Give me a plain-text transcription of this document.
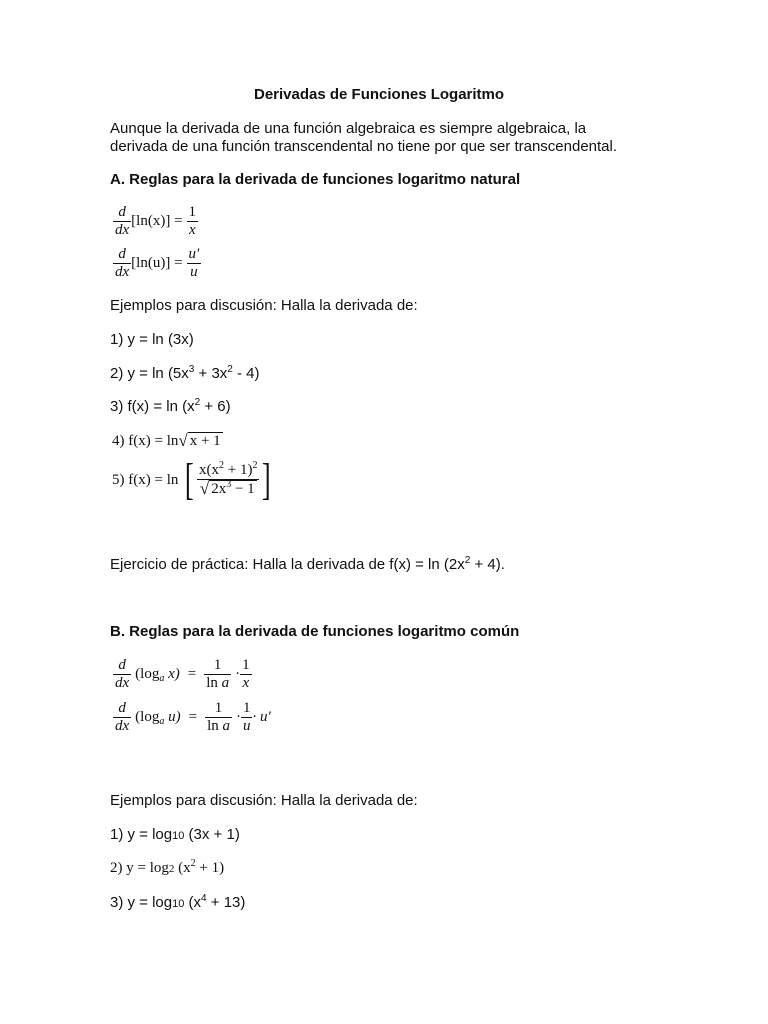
Derivadas de Funciones Logaritmo
Aunque la derivada de una función algebraica es siempre algebraica, la
derivada de una función transcendental no tiene por que ser transcendental.
A. Reglas para la derivada de funciones logaritmo natural
$\frac{d}{dx} [\ln(x)] = \frac{1}{x}$
$\frac{d}{dx} [\ln(u)] = \frac{u'}{u}$
Ejemplos para discusión: Halla la derivada de:
1) y = ln (3x)
2) $y = \ln (5x^3 + 3x^2 - 4)$
3) $f(x) = \ln (x^2 + 6)$
4) f(x) = ln √ x + 1
5) f(x) = ln [ $\frac{x(x^2 + 1)^2}{√ 2x^3 - 1}$ ]
Ejercicio de práctica: Halla la derivada de $f(x) = \ln (2x^2 + 4)$.
B. Reglas para la derivada de funciones logaritmo común
$\frac{d}{dx} (\log_a$ $x) = \frac{1}{\text{ln a}} \cdot \frac{1}{x}$
$\frac{d}{dx} (\log_a$ $u) = \frac{1}{\text{ln a}} \cdot \frac{1}{u} \cdot u'$
Ejemplos para discusión: Halla la derivada de:
1) y = log10 (3x + 1)
2) y = log2 $(x^2 + 1)$
3) y = log10 $(x^4 + 13)$
